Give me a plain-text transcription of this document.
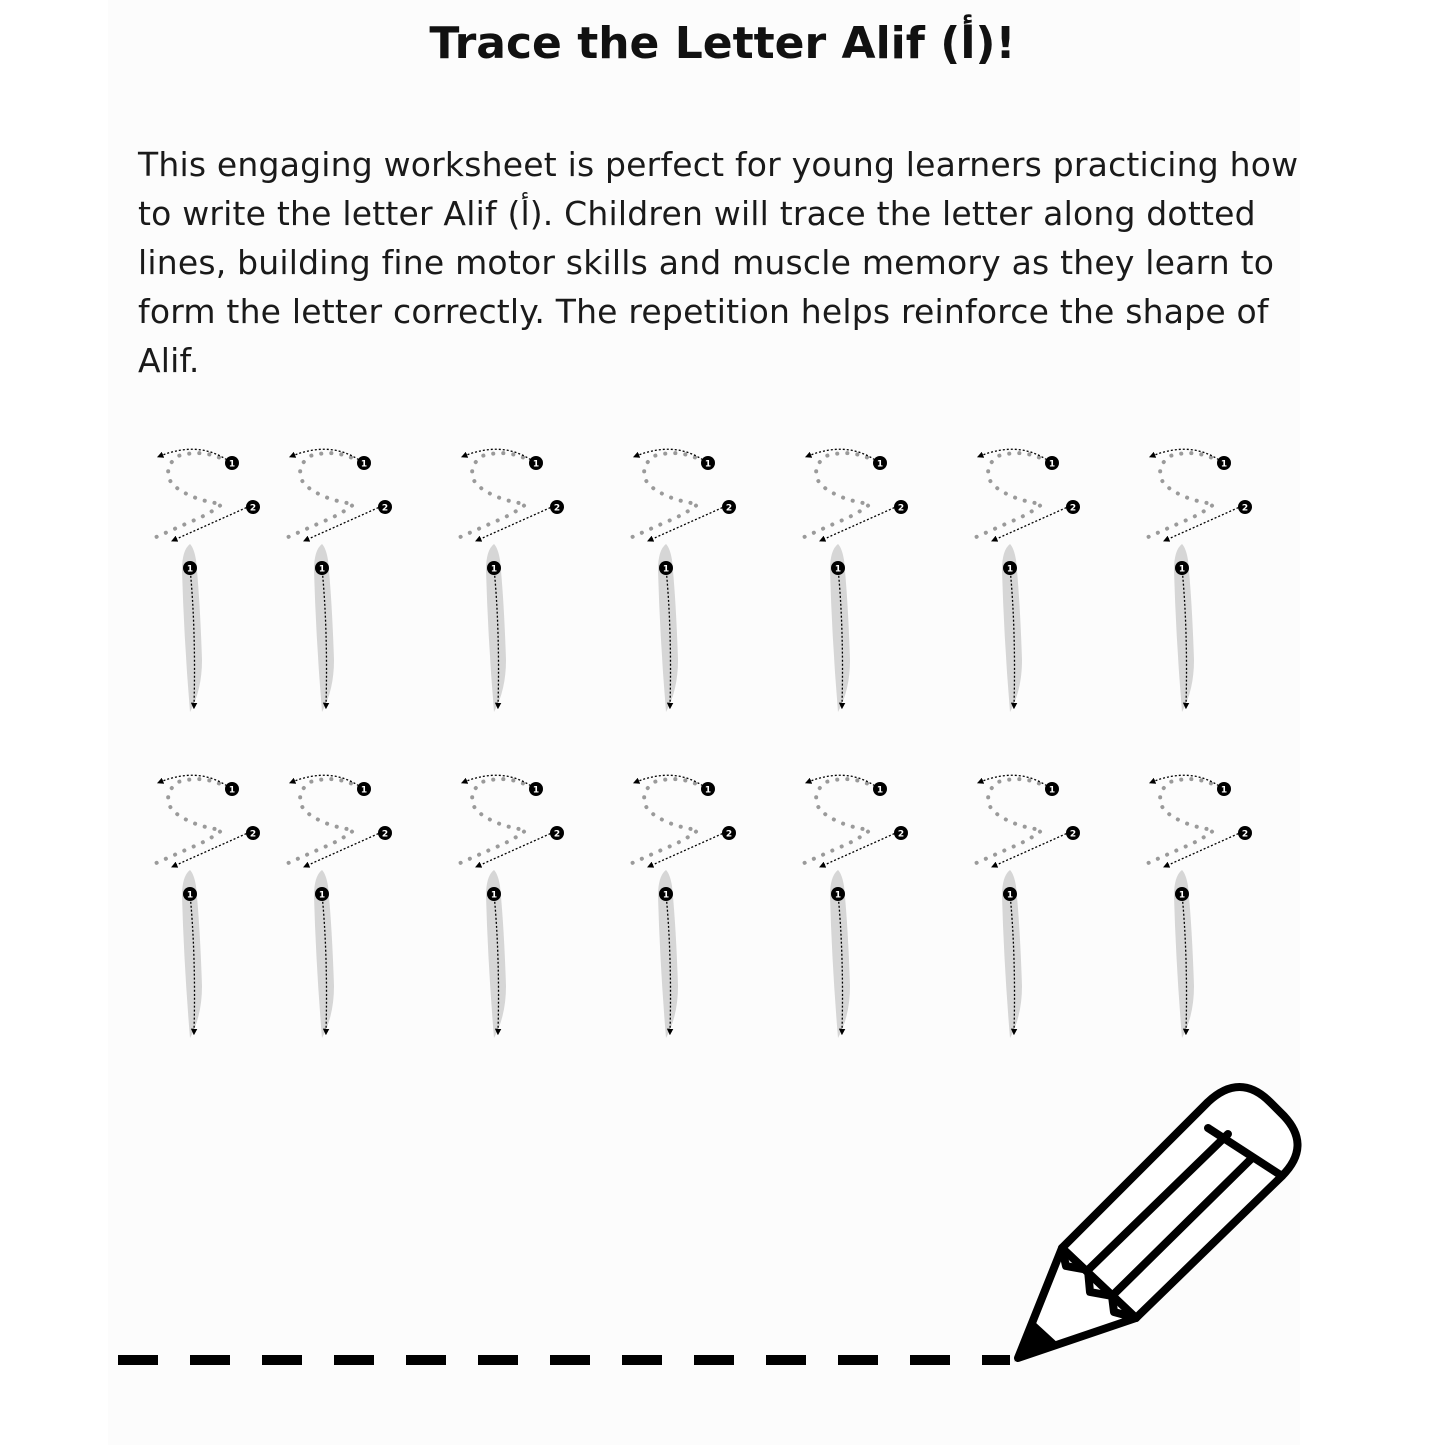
Trace the Letter Alif (أ)!

This engaging worksheet is perfect for young learners practicing how to write the letter Alif (أ). Children will trace the letter along dotted lines, building fine motor skills and muscle memory as they learn to form the letter correctly. The repetition helps reinforce the shape of Alif.

1
2
1
1
2
1
1
2
1
1
2
1
1
2
1
1
2
1
1
2
1
1
2
1
1
2
1
1
2
1
1
2
1
1
2
1
1
2
1
1
2
1
